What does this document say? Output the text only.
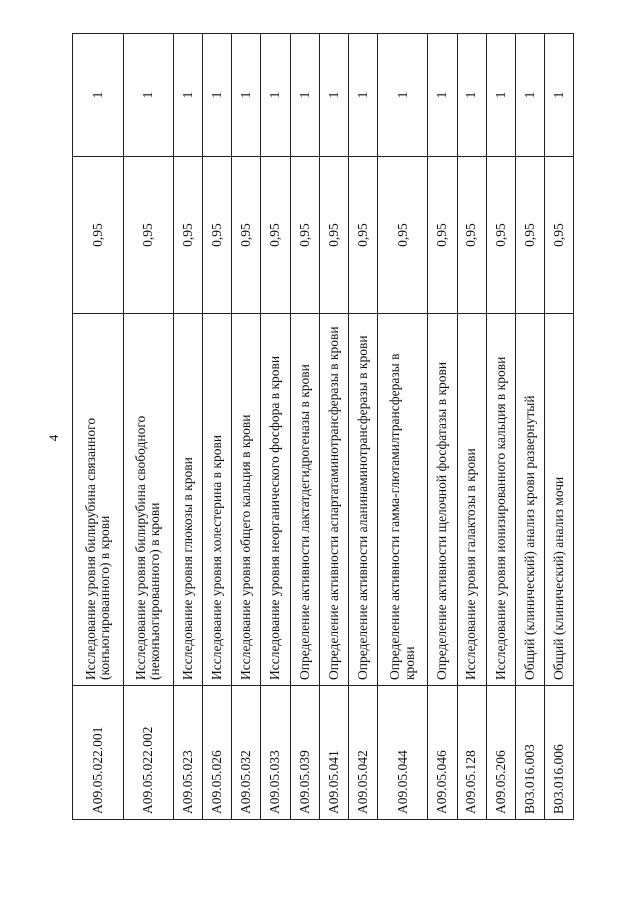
4
A09.05.022.001	Исследование уровня билирубина связанного (конъюгированного) в крови	0,95	1
A09.05.022.002	Исследование уровня билирубина свободного (неконъюгированного) в крови	0,95	1
A09.05.023	Исследование уровня глюкозы в крови	0,95	1
A09.05.026	Исследование уровня холестерина в крови	0,95	1
A09.05.032	Исследование уровня общего кальция в крови	0,95	1
A09.05.033	Исследование уровня неорганического фосфора в крови	0,95	1
A09.05.039	Определение активности лактатдегидрогеназы в крови	0,95	1
A09.05.041	Определение активности аспартатаминотрансферазы в крови	0,95	1
A09.05.042	Определение активности аланинаминотрансферазы в крови	0,95	1
A09.05.044	Определение активности гамма-глютамилтрансферазы в крови	0,95	1
A09.05.046	Определение активности щелочной фосфатазы в крови	0,95	1
A09.05.128	Исследование уровня галактозы в крови	0,95	1
A09.05.206	Исследование уровня ионизированного кальция в крови	0,95	1
B03.016.003	Общий (клинический) анализ крови развернутый	0,95	1
B03.016.006	Общий (клинический) анализ мочи	0,95	1
